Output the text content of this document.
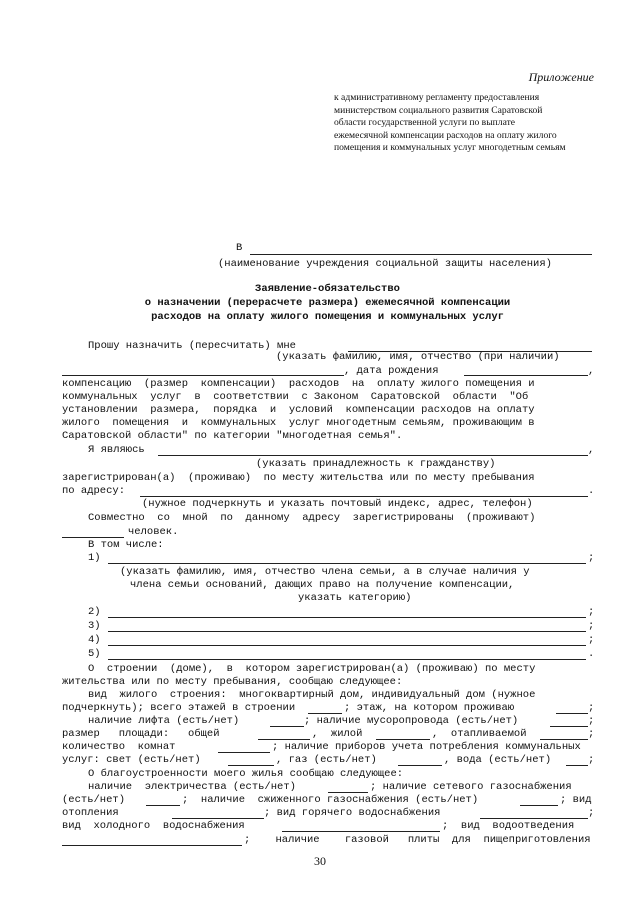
Приложение
к административному регламенту предоставления
министерством социального развития Саратовской
области государственной услуги по выплате
ежемесячной компенсации расходов на оплату жилого
помещения и коммунальных услуг многодетным семьям
В
(наименование учреждения социальной защиты населения)
Заявление-обязательство
о назначении (перерасчете размера) ежемесячной компенсации
расходов на оплату жилого помещения и коммунальных услуг
Прошу назначить (пересчитать) мне
(указать фамилию, имя, отчество (при наличии)
, дата рождения	,
компенсацию  (размер  компенсации)  расходов  на  оплату жилого помещения и
коммунальных  услуг  в  соответствии  с Законом  Саратовской  области  "Об
установлении  размера,  порядка  и  условий  компенсации расходов на оплату
жилого  помещения  и  коммунальных  услуг многодетным семьям, проживающим в
Саратовской области" по категории "многодетная семья".
Я являюсь	,
(указать принадлежность к гражданству)
зарегистрирован(а)  (проживаю)  по месту жительства или по месту пребывания
по адресу:	.
(нужное подчеркнуть и указать почтовый индекс, адрес, телефон)
Совместно  со  мной  по  данному  адресу  зарегистрированы  (проживают)
человек.
В том числе:
1)	;
(указать фамилию, имя, отчество члена семьи, а в случае наличия у
члена семьи оснований, дающих право на получение компенсации,
указать категорию)
2)	;
3)	;
4)	;
5)	.
О  строении  (доме),  в  котором зарегистрирован(а) (проживаю) по месту
жительства или по месту пребывания, сообщаю следующее:
вид  жилого  строения:  многоквартирный дом, индивидуальный дом (нужное
подчеркнуть); всего этажей в строении	; этаж, на котором проживаю	;
наличие лифта (есть/нет)	; наличие мусоропровода (есть/нет)	;
размер   площади:   общей	,  жилой	,  отапливаемой	;
количество  комнат	; наличие приборов учета потребления коммунальных
услуг: свет (есть/нет)	, газ (есть/нет)	, вода (есть/нет)	;
О благоустроенности моего жилья сообщаю следующее:
наличие  электричества (есть/нет)	; наличие сетевого газоснабжения
(есть/нет)	;  наличие  сжиженного газоснабжения (есть/нет)	; вид
отопления	; вид горячего водоснабжения	;
вид  холодного  водоснабжения	;  вид  водоотведения
;    наличие    газовой   плиты  для  пищеприготовления
30
